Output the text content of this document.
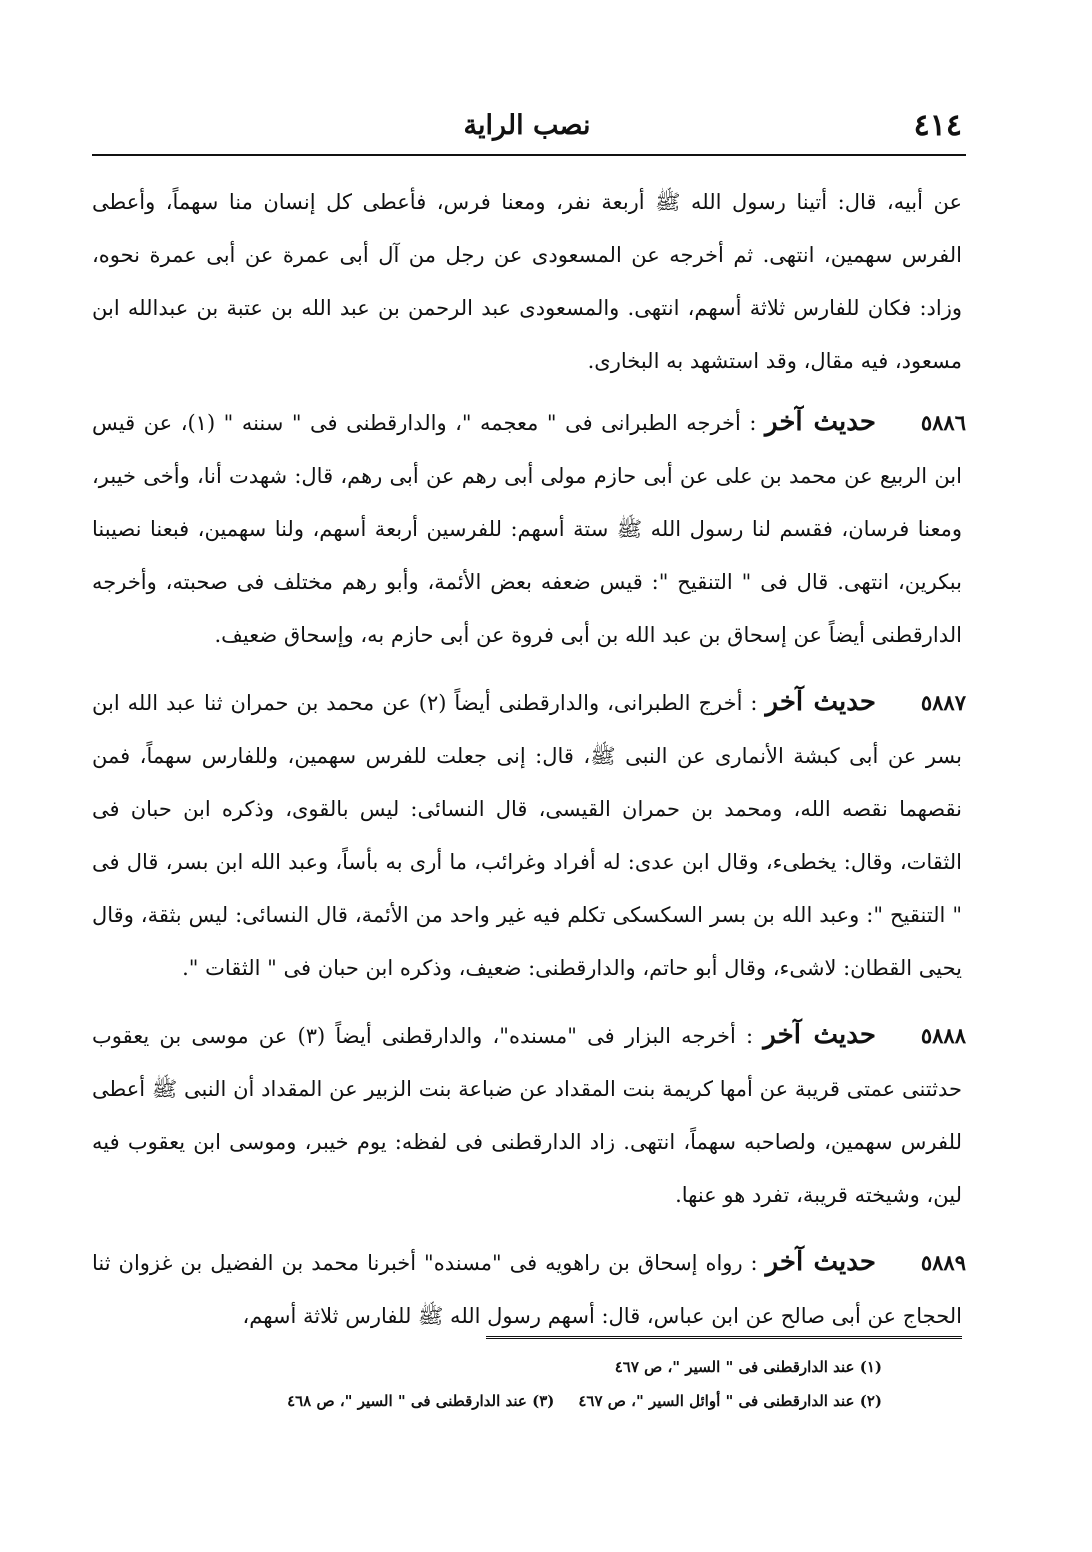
٤١٤
نصب الراية

عن أبيه، قال: أتينا رسول الله ﷺ أربعة نفر، ومعنا فرس، فأعطى كل إنسان منا سهماً، وأعطى الفرس سهمين، انتهى. ثم أخرجه عن المسعودى عن رجل من آل أبى عمرة عن أبى عمرة نحوه، وزاد: فكان للفارس ثلاثة أسهم، انتهى. والمسعودى عبد الرحمن بن عبد الله بن عتبة بن عبدالله ابن مسعود، فيه مقال، وقد استشهد به البخارى.

٥٨٨٦

حديث آخر : أخرجه الطبرانى فى " معجمه "، والدارقطنى فى " سننه " (١)، عن قيس ابن الربيع عن محمد بن على عن أبى حازم مولى أبى رهم عن أبى رهم، قال: شهدت أنا، وأخى خيبر، ومعنا فرسان، فقسم لنا رسول الله ﷺ ستة أسهم: للفرسين أربعة أسهم، ولنا سهمين، فبعنا نصيبنا ببكرين، انتهى. قال فى " التنقيح ": قيس ضعفه بعض الأئمة، وأبو رهم مختلف فى صحبته، وأخرجه الدارقطنى أيضاً عن إسحاق بن عبد الله بن أبى فروة عن أبى حازم به، وإسحاق ضعيف.

٥٨٨٧

حديث آخر : أخرج الطبرانى، والدارقطنى أيضاً (٢) عن محمد بن حمران ثنا عبد الله ابن بسر عن أبى كبشة الأنمارى عن النبى ﷺ، قال: إنى جعلت للفرس سهمين، وللفارس سهماً، فمن نقصهما نقصه الله، ومحمد بن حمران القيسى، قال النسائى: ليس بالقوى، وذكره ابن حبان فى الثقات، وقال: يخطىء، وقال ابن عدى: له أفراد وغرائب، ما أرى به بأساً، وعبد الله ابن بسر، قال فى " التنقيح ": وعبد الله بن بسر السكسكى تكلم فيه غير واحد من الأئمة، قال النسائى: ليس بثقة، وقال يحيى القطان: لاشىء، وقال أبو حاتم، والدارقطنى: ضعيف، وذكره ابن حبان فى " الثقات ".

٥٨٨٨

حديث آخر : أخرجه البزار فى "مسنده"، والدارقطنى أيضاً (٣) عن موسى بن يعقوب حدثتنى عمتى قريبة عن أمها كريمة بنت المقداد عن ضباعة بنت الزبير عن المقداد أن النبى ﷺ أعطى للفرس سهمين، ولصاحبه سهماً، انتهى. زاد الدارقطنى فى لفظه: يوم خيبر، وموسى ابن يعقوب فيه لين، وشيخته قريبة، تفرد هو عنها.

٥٨٨٩

حديث آخر : رواه إسحاق بن راهويه فى "مسنده" أخبرنا محمد بن الفضيل بن غزوان ثنا الحجاج عن أبى صالح عن ابن عباس، قال: أسهم رسول الله ﷺ للفارس ثلاثة أسهم،

(١) عند الدارقطنى فى " السير "، ص ٤٦٧

(٢) عند الدارقطنى فى " أوائل السير "، ص ٤٦٧(٣) عند الدارقطنى فى " السير "، ص ٤٦٨
